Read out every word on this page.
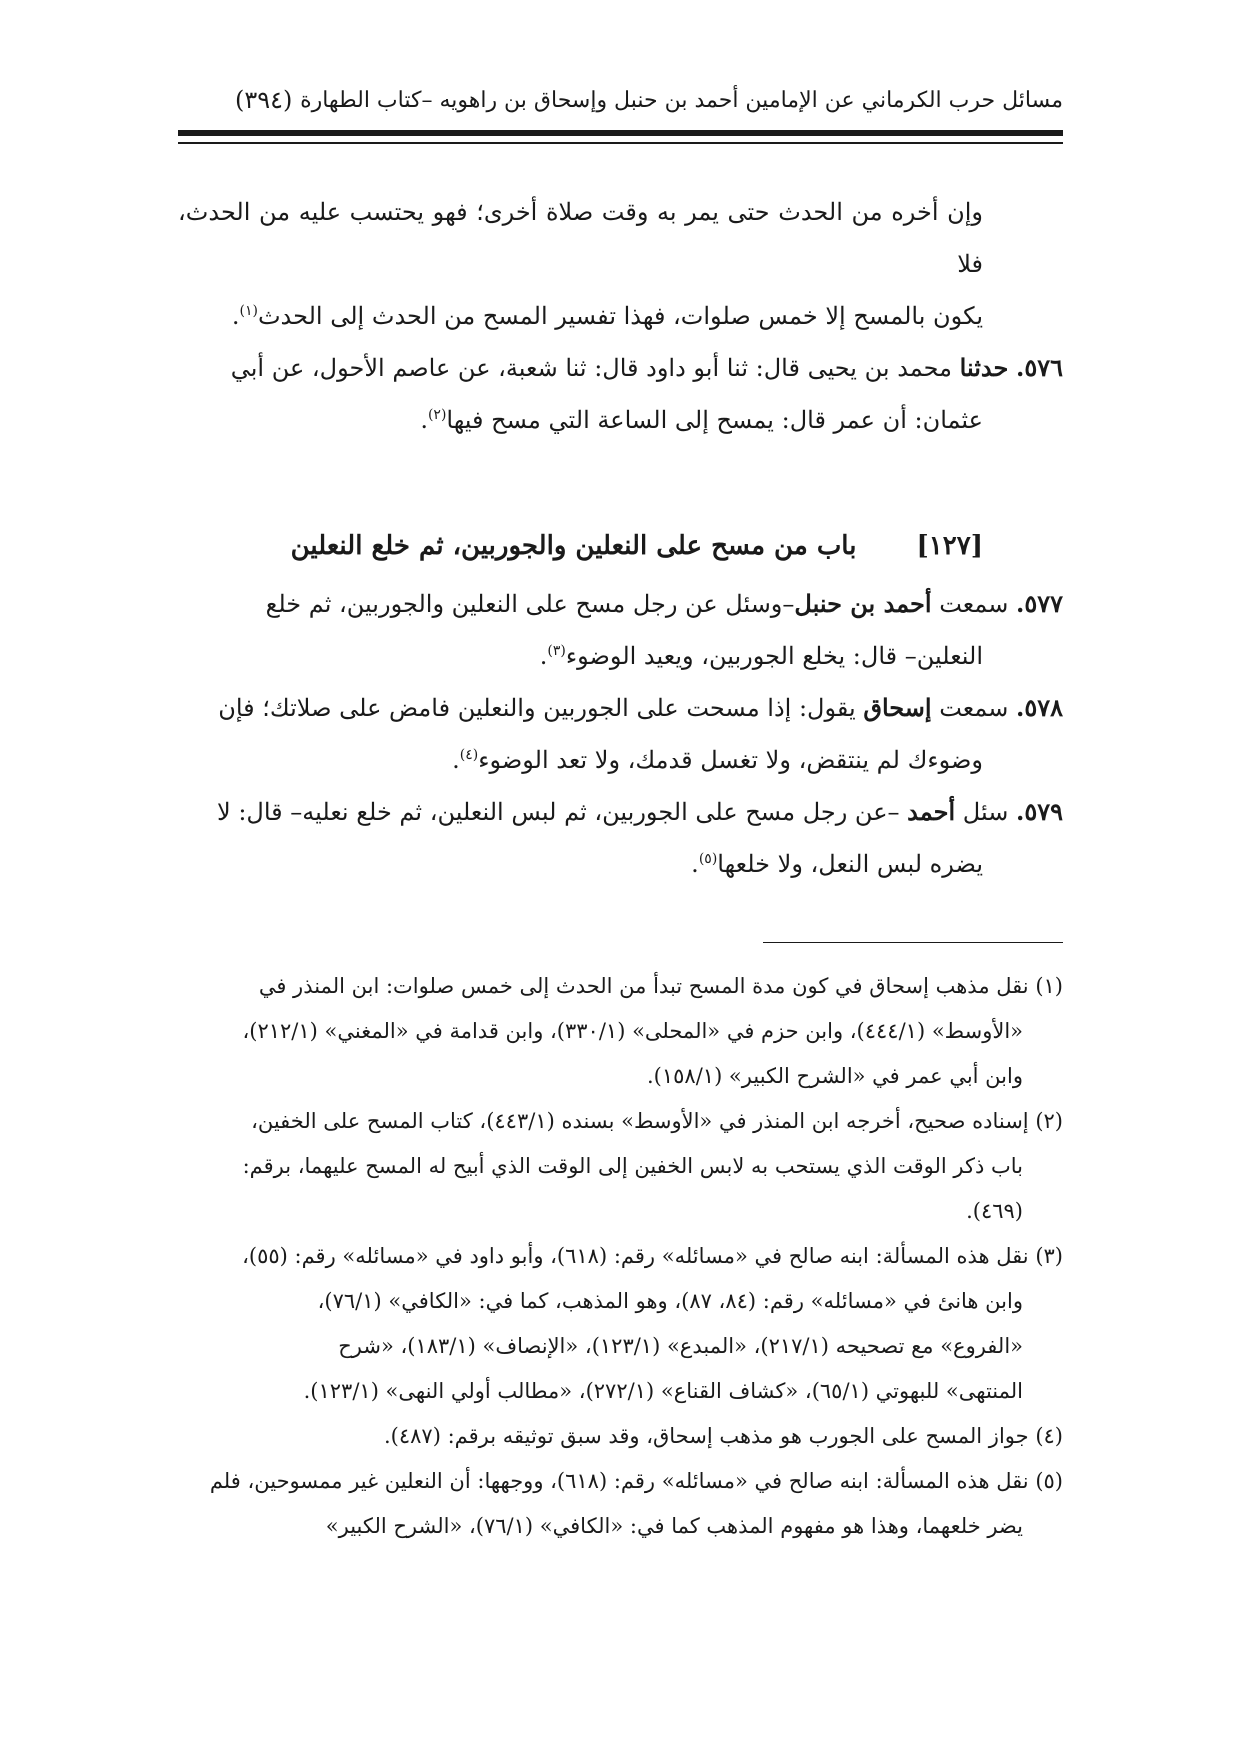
مسائل حرب الكرماني عن الإمامين أحمد بن حنبل وإسحاق بن راهويه –كتاب الطهارة
(٣٩٤)
وإن أخره من الحدث حتى يمر به وقت صلاة أخرى؛ فهو يحتسب عليه من الحدث، فلا
يكون بالمسح إلا خمس صلوات، فهذا تفسير المسح من الحدث إلى الحدث$^{(١)}$.
٥٧٦. حدثنا محمد بن يحيى قال: ثنا أبو داود قال: ثنا شعبة، عن عاصم الأحول، عن أبي
عثمان: أن عمر قال: يمسح إلى الساعة التي مسح فيها$^{(٢)}$.
[١٢٧]
باب من مسح على النعلين والجوربين، ثم خلع النعلين
٥٧٧. سمعت أحمد بن حنبل–وسئل عن رجل مسح على النعلين والجوربين، ثم خلع
النعلين– قال: يخلع الجوربين، ويعيد الوضوء$^{(٣)}$.
٥٧٨. سمعت إسحاق يقول: إذا مسحت على الجوربين والنعلين فامض على صلاتك؛ فإن
وضوءك لم ينتقض، ولا تغسل قدمك، ولا تعد الوضوء$^{(٤)}$.
٥٧٩. سئل أحمد –عن رجل مسح على الجوربين، ثم لبس النعلين، ثم خلع نعليه– قال: لا
يضره لبس النعل، ولا خلعها$^{(٥)}$.
(١) نقل مذهب إسحاق في كون مدة المسح تبدأ من الحدث إلى خمس صلوات: ابن المنذر في
«الأوسط» (٤٤٤/١)، وابن حزم في «المحلى» (٣٣٠/١)، وابن قدامة في «المغني» (٢١٢/١)،
وابن أبي عمر في «الشرح الكبير» (١٥٨/١).
(٢) إسناده صحيح، أخرجه ابن المنذر في «الأوسط» بسنده (٤٤٣/١)، كتاب المسح على الخفين،
باب ذكر الوقت الذي يستحب به لابس الخفين إلى الوقت الذي أبيح له المسح عليهما، برقم:
(٤٦٩).
(٣) نقل هذه المسألة: ابنه صالح في «مسائله» رقم: (٦١٨)، وأبو داود في «مسائله» رقم: (٥٥)،
وابن هانئ في «مسائله» رقم: (٨٤، ٨٧)، وهو المذهب، كما في: «الكافي» (٧٦/١)،
«الفروع» مع تصحيحه (٢١٧/١)، «المبدع» (١٢٣/١)، «الإنصاف» (١٨٣/١)، «شرح
المنتهى» للبهوتي (٦٥/١)، «كشاف القناع» (٢٧٢/١)، «مطالب أولي النهى» (١٢٣/١).
(٤) جواز المسح على الجورب هو مذهب إسحاق، وقد سبق توثيقه برقم: (٤٨٧).
(٥) نقل هذه المسألة: ابنه صالح في «مسائله» رقم: (٦١٨)، ووجهها: أن النعلين غير ممسوحين، فلم
يضر خلعهما، وهذا هو مفهوم المذهب كما في: «الكافي» (٧٦/١)، «الشرح الكبير»
